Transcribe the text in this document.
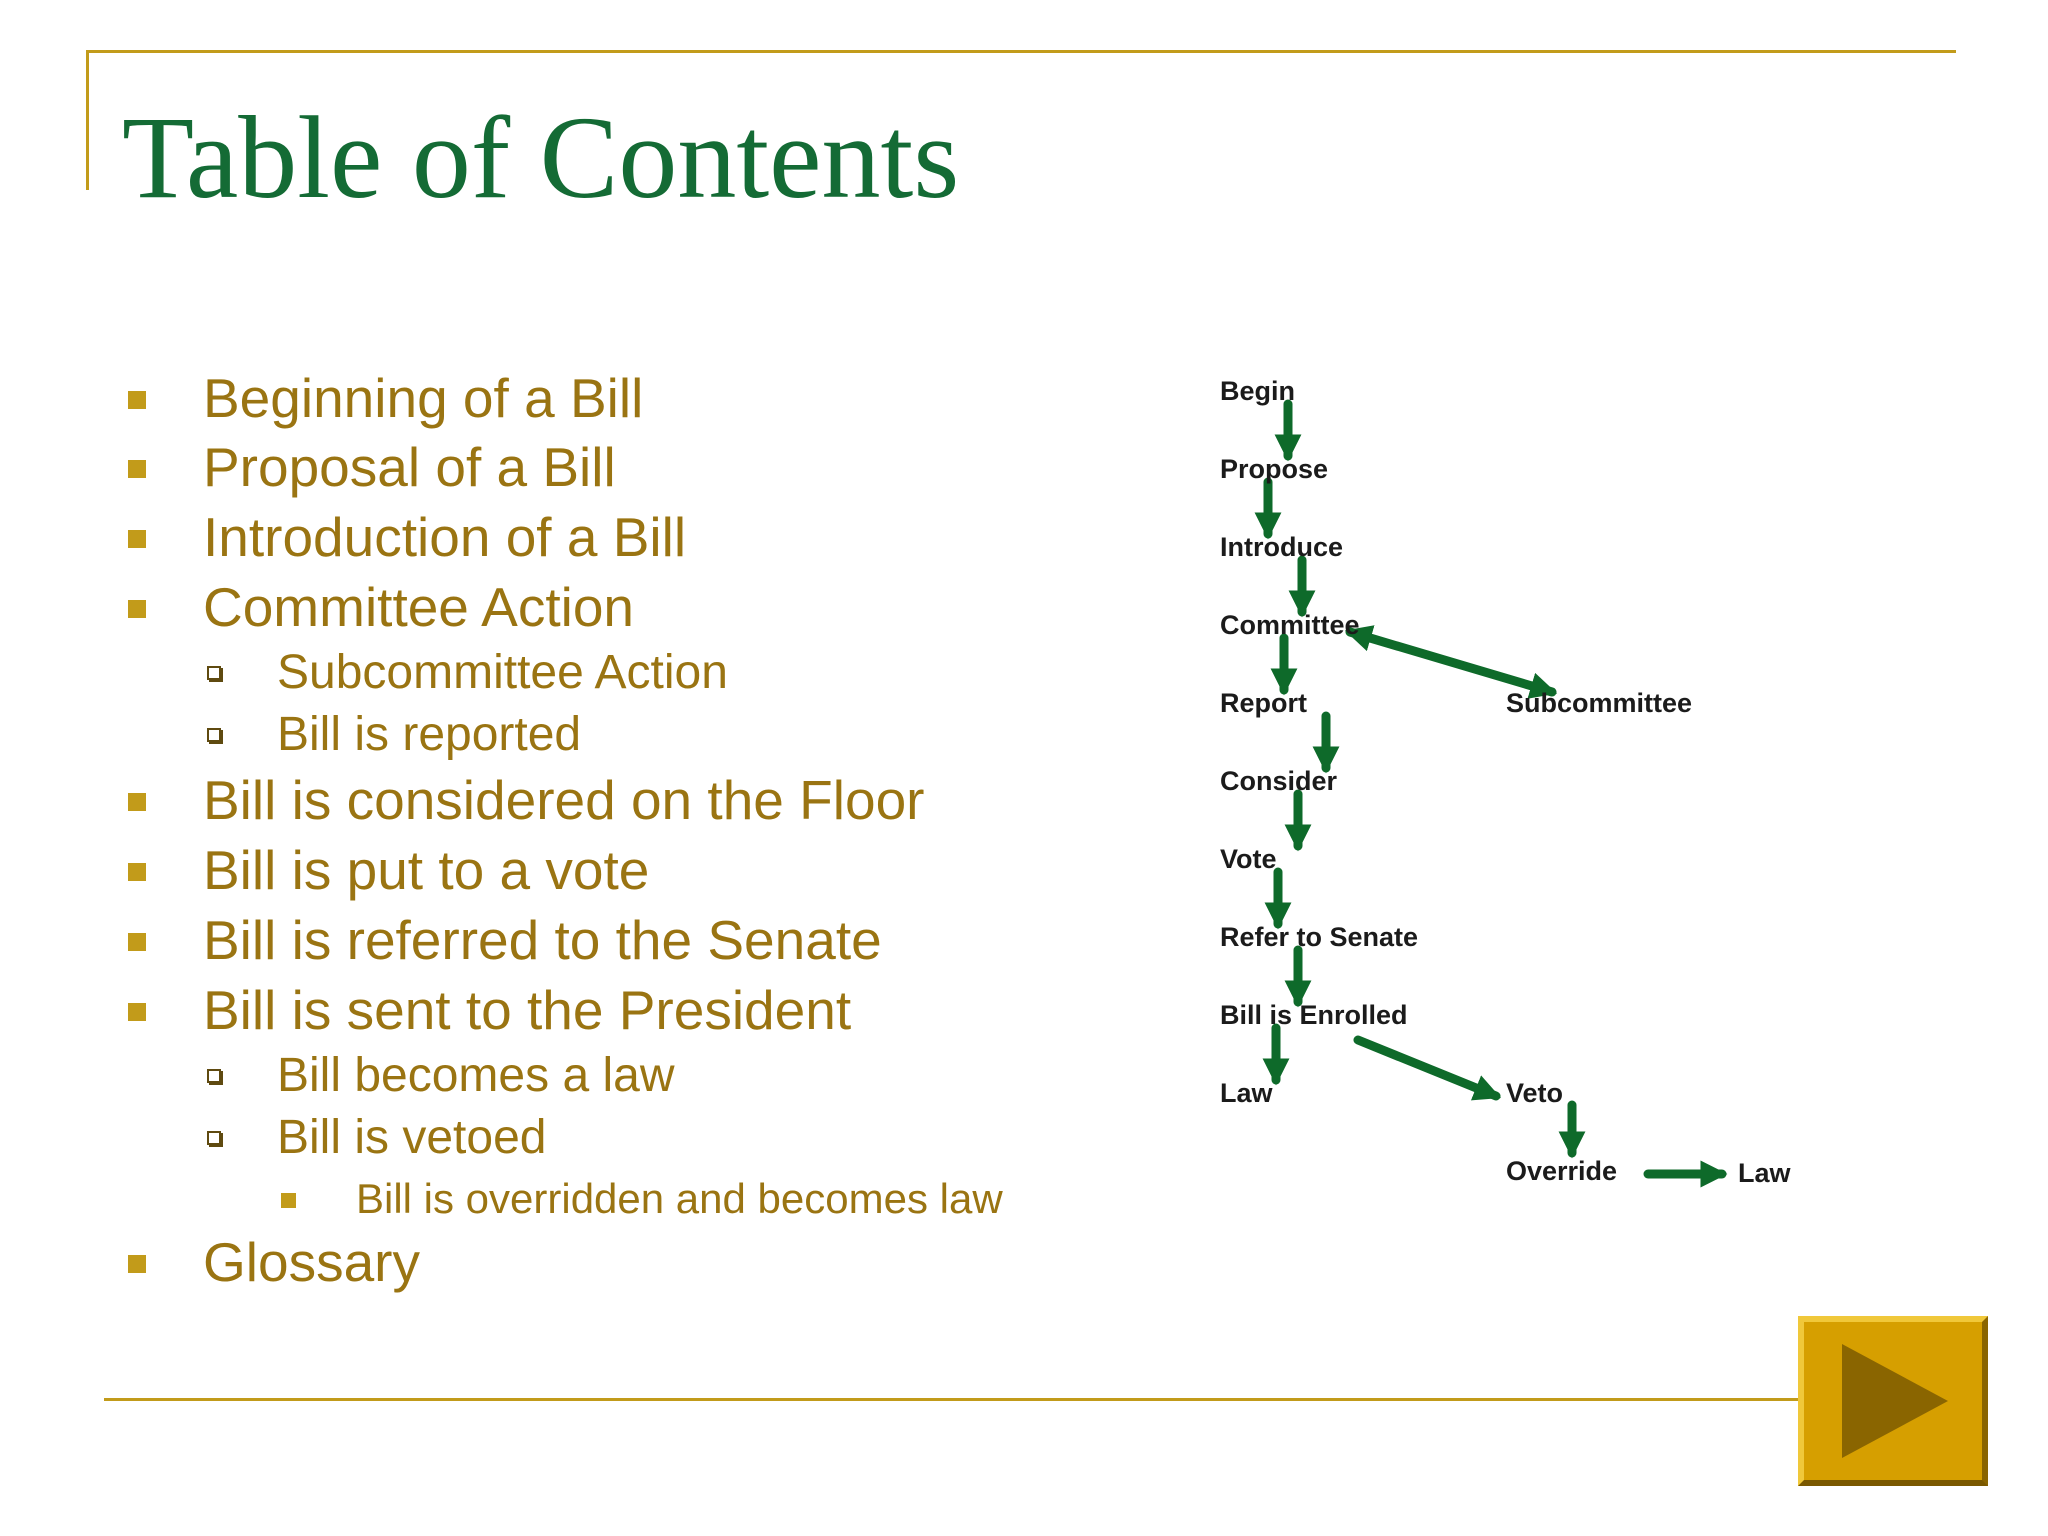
Table of Contents
Beginning of a Bill
Proposal of a Bill
Introduction of a Bill
Committee Action
Subcommittee Action
Bill is reported
Bill is considered on the Floor
Bill is put to a vote
Bill is referred to the Senate
Bill is sent to the President
Bill becomes a law
Bill is vetoed
Bill is overridden and becomes law
Glossary
Begin
Propose
Introduce
Committee
Subcommittee
Report
Consider
Vote
Refer to Senate
Bill is Enrolled
Law	Veto
Override	Law
